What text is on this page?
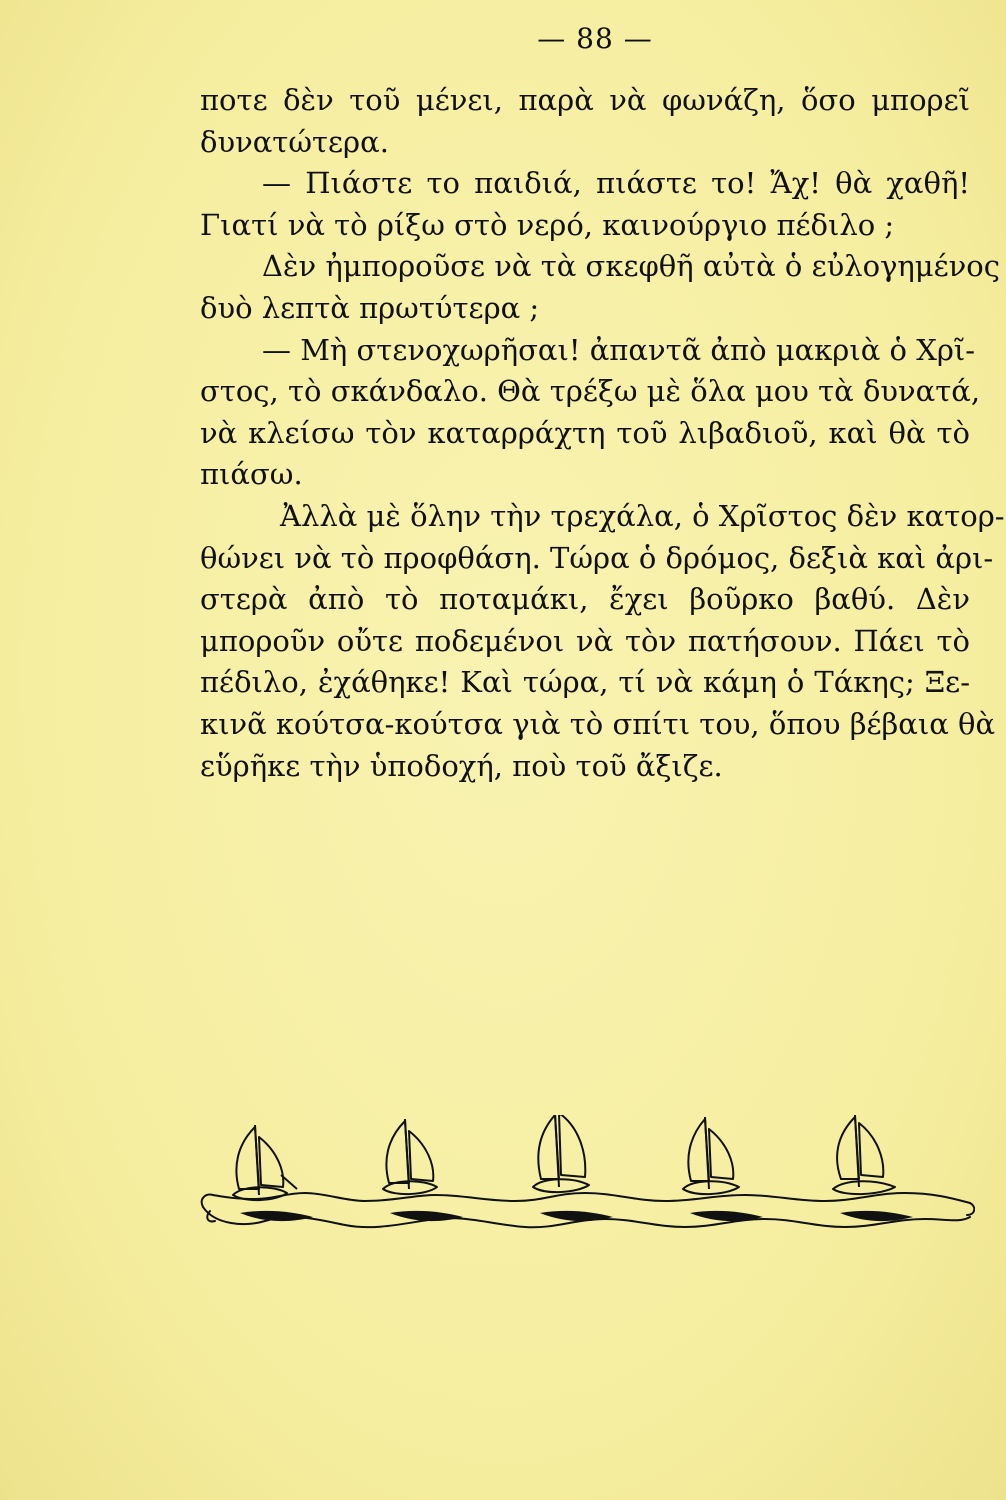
— 88 —
ποτε δὲν τοῦ μένει, παρὰ νὰ φωνάζη, ὅσο μπορεῖ
δυνατώτερα.
— Πιάστε το παιδιά, πιάστε το! Ἄχ! θὰ χαθῆ!
Γιατί νὰ τὸ ρίξω στὸ νερό, καινούργιο πέδιλο ;
Δὲν ἠμποροῦσε νὰ τὰ σκεφθῆ αὐτὰ ὁ εὐλογημένος
δυὸ λεπτὰ πρωτύτερα ;
— Μὴ στενοχωρῆσαι! ἀπαντᾶ ἀπὸ μακριὰ ὁ Χρῖ-
στος, τὸ σκάνδαλο. Θὰ τρέξω μὲ ὅλα μου τὰ δυνατά,
νὰ κλείσω τὸν καταρράχτη τοῦ λιβαδιοῦ, καὶ θὰ τὸ
πιάσω.
Ἀλλὰ μὲ ὅλην τὴν τρεχάλα, ὁ Χρῖστος δὲν κατορ-
θώνει νὰ τὸ προφθάση. Τώρα ὁ δρόμος, δεξιὰ καὶ ἀρι-
στερὰ ἀπὸ τὸ ποταμάκι, ἔχει βοῦρκο βαθύ. Δὲν
μποροῦν οὔτε ποδεμένοι νὰ τὸν πατήσουν. Πάει τὸ
πέδιλο, ἐχάθηκε! Καὶ τώρα, τί νὰ κάμη ὁ Τάκης; Ξε-
κινᾶ κούτσα-κούτσα γιὰ τὸ σπίτι του, ὅπου βέβαια θὰ
εὕρῆκε τὴν ὑποδοχή, ποὺ τοῦ ἄξιζε.
